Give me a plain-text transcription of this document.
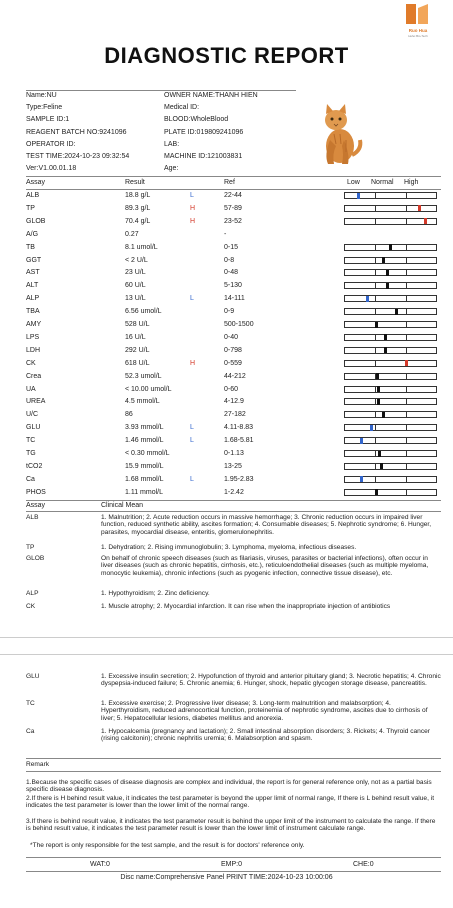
Ruo Hua
Hefei Bio-Tech
DIAGNOSTIC REPORT
Name:NU
Type:Feline
SAMPLE ID:1
REAGENT BATCH NO:9241096
OPERATOR ID:
TEST TIME:2024-10-23 09:32:54
Ver:V1.00.01.18
OWNER NAME:THANH HIEN
Medical ID:
BLOOD:WholeBlood
PLATE ID:019809241096
LAB:
MACHINE ID:121003831
Age:
Assay	Result	Ref	Low Normal High
ALB	18.8 g/L	L	22-44
TP	89.3 g/L	H	57-89
GLOB	70.4 g/L	H	23-52
A/G	0.27	-
TB	8.1 umol/L	0-15
GGT	< 2 U/L	0-8
AST	23 U/L	0-48
ALT	60 U/L	5-130
ALP	13 U/L	L	14-111
TBA	6.56 umol/L	0-9
AMY	528 U/L	500-1500
LPS	16 U/L	0-40
LDH	292 U/L	0-798
CK	618 U/L	H	0-559
Crea	52.3 umol/L	44-212
UA	< 10.00 umol/L	0-60
UREA	4.5 mmol/L	4-12.9
U/C	86	27-182
GLU	3.93 mmol/L	L	4.11-8.83
TC	1.46 mmol/L	L	1.68-5.81
TG	< 0.30 mmol/L	0-1.13
tCO2	15.9 mmol/L	13-25
Ca	1.68 mmol/L	L	1.95-2.83
PHOS	1.11 mmol/L	1-2.42
Assay	Clinical Mean
ALB	1. Malnutrition; 2. Acute reduction occurs in massive hemorrhage; 3. Chronic reduction occurs in impaired liver function, reduced synthetic ability, ascites formation; 4. Consumable diseases; 5. Nephrotic syndrome; 6. Hunger, parasites, myocardial disease, enteritis, glomerulonephritis.
TP	1. Dehydration; 2. Rising immunoglobulin; 3. Lymphoma, myeloma, infectious diseases.
GLOB	On behalf of chronic speech diseases (such as filariasis, viruses, parasites or bacterial infections), often occur in liver diseases (such as chronic hepatitis, cirrhosis, etc.), reticuloendothelial diseases (such as multiple myeloma, monocytic leukemia), chronic infections (such as pyogenic infection, connective tissue disease), etc.
ALP	1. Hypothyroidism; 2. Zinc deficiency.
CK	1. Muscle atrophy; 2. Myocardial infarction. It can rise when the inappropriate injection of antibiotics
GLU	1. Excessive insulin secretion; 2. Hypofunction of thyroid and anterior pituitary gland; 3. Necrotic hepatitis; 4. Chronic dyspepsia-induced failure; 5. Chronic anemia; 6. Hunger, shock, hepatic glycogen storage disease, pancreatitis.
TC	1. Excessive exercise; 2. Progressive liver disease; 3. Long-term malnutrition and malabsorption; 4. Hyperthyroidism, reduced adrenocortical function, proteinemia of nephrotic syndrome, ascites due to cirrhosis of liver; 5. Hepatocellular lesions, diabetes mellitus and anorexia.
Ca	1. Hypocalcemia (pregnancy and lactation); 2. Small intestinal absorption disorders; 3. Rickets; 4. Thyroid cancer (rising calcitonin); chronic nephritis uremia; 6. Malabsorption and spasm.
Remark
1.Because the specific cases of disease diagnosis are complex and individual, the report is for general reference only, not as a partial basis specific disease diagnosis.
2.If there is H behind result value, it indicates the test parameter is beyond the upper limit of normal range, If there is L behind result value, it indicates the test parameter is lower than the lower limit of the normal range.
3.If there is behind result value, it indicates the test parameter result is behind the upper limit of the instrument to calculate the range. If there is behind result value, it indicates the test parameter result is lower than the lower limit of instrument calculate range.
*The report is only responsible for the test sample, and the result is for doctors' reference only.
WAT:0	EMP:0	CHE:0
Disc name:Comprehensive Panel PRINT TIME:2024-10-23 10:00:06
